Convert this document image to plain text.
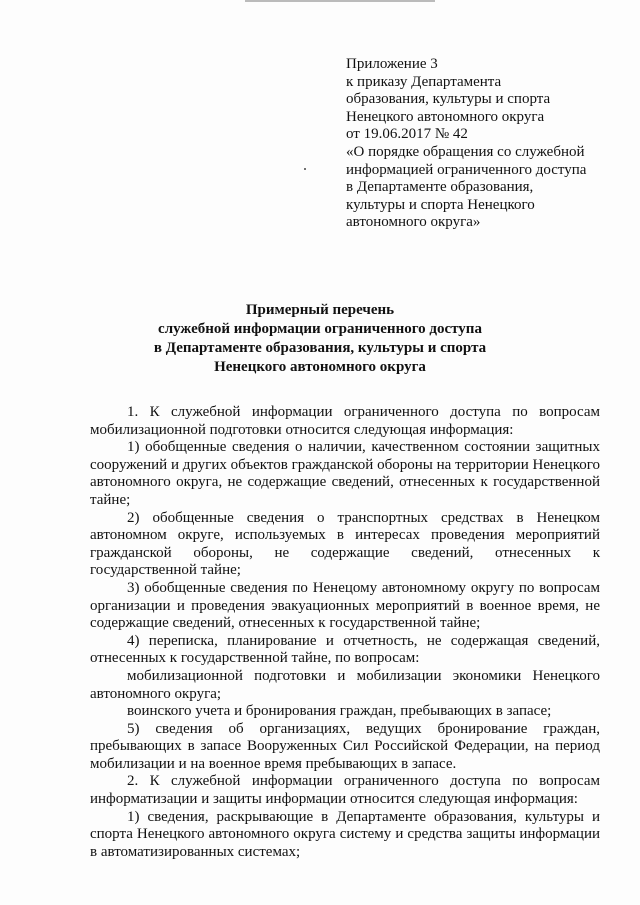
Приложение 3
к приказу Департамента
образования, культуры и спорта
Ненецкого автономного округа
от 19.06.2017 № 42
«О порядке обращения со служебной
информацией ограниченного доступа
в Департаменте образования,
культуры и спорта Ненецкого
автономного округа»
Примерный перечень
служебной информации ограниченного доступа
в Департаменте образования, культуры и спорта
Ненецкого автономного округа

1. К служебной информации ограниченного доступа по вопросам мобилизационной подготовки относится следующая информация:

1) обобщенные сведения о наличии, качественном состоянии защитных сооружений и других объектов гражданской обороны на территории Ненецкого автономного округа, не содержащие сведений, отнесенных к государственной тайне;

2) обобщенные сведения о транспортных средствах в Ненецком автономном округе, используемых в интересах проведения мероприятий гражданской обороны, не содержащие сведений, отнесенных к государственной тайне;

3) обобщенные сведения по Ненецому автономному округу по вопросам организации и проведения эвакуационных мероприятий в военное время, не содержащие сведений, отнесенных к государственной тайне;

4) переписка, планирование и отчетность, не содержащая сведений, отнесенных к государственной тайне, по вопросам:

мобилизационной подготовки и мобилизации экономики Ненецкого автономного округа;

воинского учета и бронирования граждан, пребывающих в запасе;

5) сведения об организациях, ведущих бронирование граждан, пребывающих в запасе Вооруженных Сил Российской Федерации, на период мобилизации и на военное время пребывающих в запасе.

2. К служебной информации ограниченного доступа по вопросам информатизации и защиты информации относится следующая информация:

1) сведения, раскрывающие в Департаменте образования, культуры и спорта Ненецкого автономного округа систему и средства защиты информации в автоматизированных системах;
